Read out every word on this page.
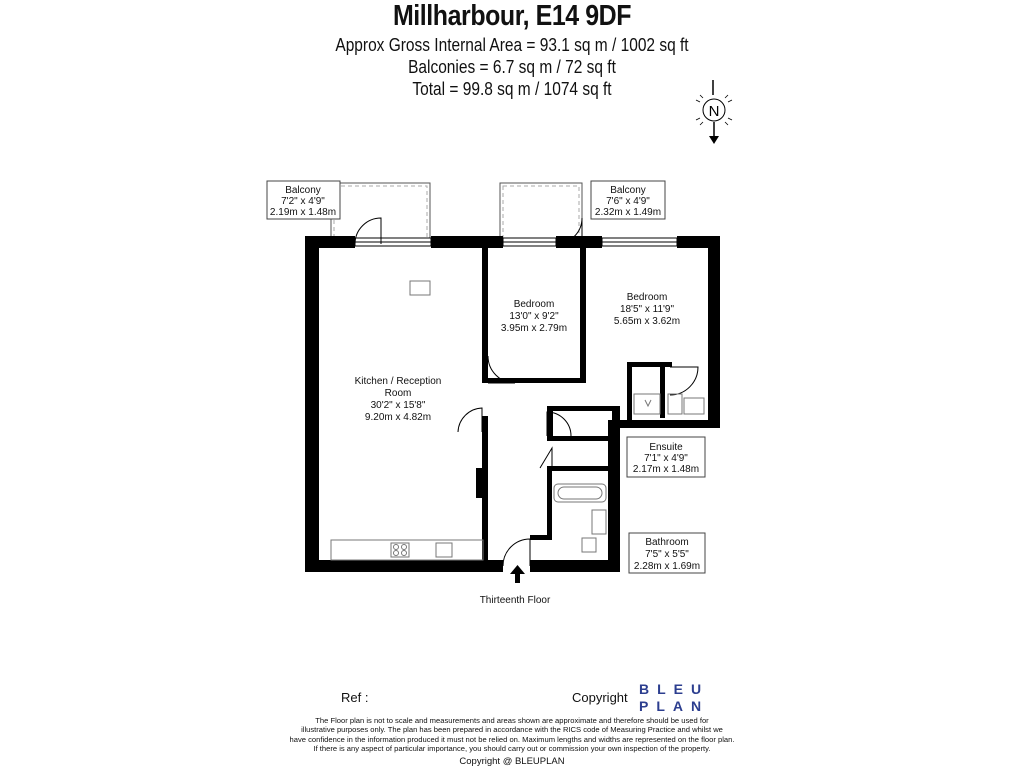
Millharbour, E14 9DF
Approx Gross Internal Area = 93.1 sq m / 1002 sq ft
Balconies = 6.7 sq m / 72 sq ft
Total = 99.8 sq m / 1074 sq ft
N
Balcony
7'2" x 4'9"
2.19m x 1.48m
Balcony
7'6" x 4'9"
2.32m x 1.49m
Bedroom
13'0" x 9'2"
3.95m x 2.79m
Bedroom
18'5" x 11'9"
5.65m x 3.62m
Kitchen / Reception
Room
30'2" x 15'8"
9.20m x 4.82m
Ensuite
7'1" x 4'9"
2.17m x 1.48m
Bathroom
7'5" x 5'5"
2.28m x 1.69m
Thirteenth Floor
Ref :	Copyright
BLEU
PLAN
The Floor plan is not to scale and measurements and areas shown are approximate and therefore should be used for
illustrative purposes only. The plan has been prepared in accordance with the RICS code of Measuring Practice and whilst we
have confidence in the information produced it must not be relied on. Maximum lengths and widths are represented on the floor plan.
If there is any aspect of particular importance, you should carry out or commission your own inspection of the property.
Copyright @ BLEUPLAN
